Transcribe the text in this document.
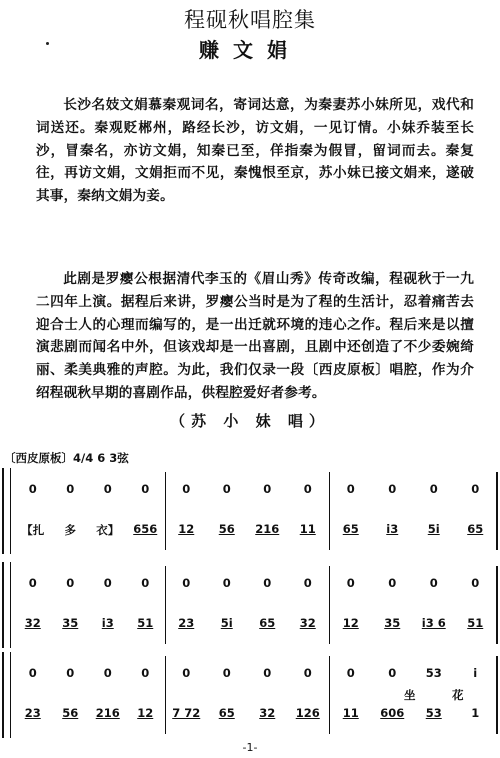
程砚秋唱腔集
赚文娟

长沙名妓文娟慕秦观词名，寄词达意，为秦妻苏小妹所见，戏代和词送还。秦观贬郴州，路经长沙，访文娟，一见订情。小妹乔装至长沙，冒秦名，亦访文娟，知秦已至，佯指秦为假冒，留词而去。秦复往，再访文娟，文娟拒而不见，秦愧恨至京，苏小妹已接文娟来，遂破其事，秦纳文娟为妾。

此剧是罗瘿公根据清代李玉的《眉山秀》传奇改编，程砚秋于一九二四年上演。据程后来讲，罗瘿公当时是为了程的生活计，忍着痛苦去迎合士人的心理而编写的，是一出迁就环境的违心之作。程后来是以擅演悲剧而闻名中外，但该戏却是一出喜剧，且剧中还创造了不少委婉绮丽、柔美典雅的声腔。为此，我们仅录一段〔西皮原板〕唱腔，作为介绍程砚秋早期的喜剧作品，供程腔爱好者参考。

（苏 小 妹 唱）
〔西皮原板〕4/4 6 3弦
0	0	0	0	0	0	0	0	0	0	0	0
【扎	多	衣】	656	12	56	216	11	65	i3	5i	65
0	0	0	0	0	0	0	0	0	0	0	0
32	35	i3	51	23	5i	65	32	12	35	i3 6	51
0	0	0	0	0	0	0	0	0	0	53	i
23	56	216	12	7 72	65	32	126	11	606	53	1
坐	花
-1-
